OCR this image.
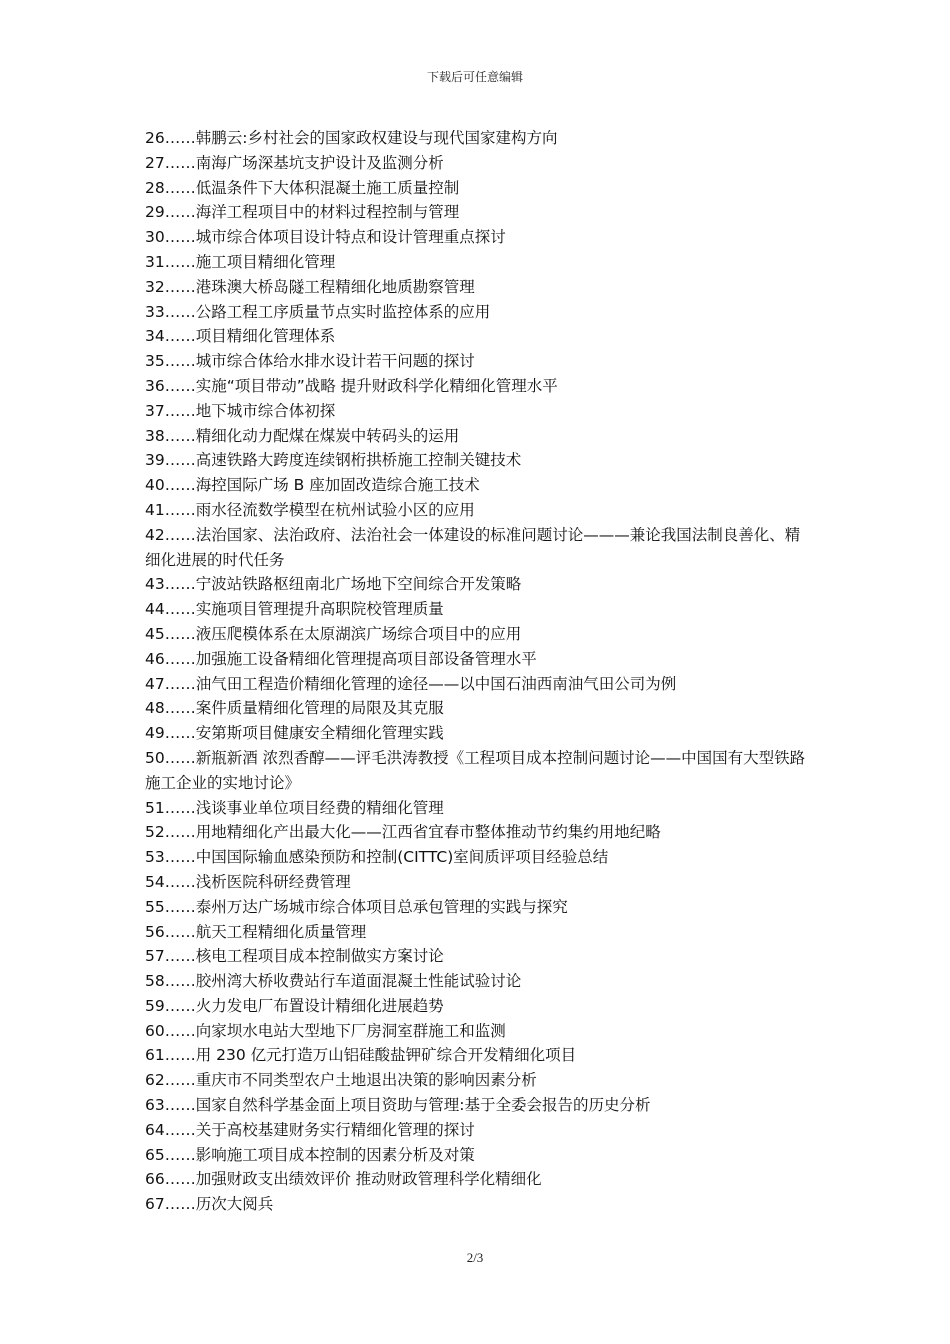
下载后可任意编辑
26……韩鹏云:乡村社会的国家政权建设与现代国家建构方向
27……南海广场深基坑支护设计及监测分析
28……低温条件下大体积混凝土施工质量控制
29……海洋工程项目中的材料过程控制与管理
30……城市综合体项目设计特点和设计管理重点探讨
31……施工项目精细化管理
32……港珠澳大桥岛隧工程精细化地质勘察管理
33……公路工程工序质量节点实时监控体系的应用
34……项目精细化管理体系
35……城市综合体给水排水设计若干问题的探讨
36……实施“项目带动”战略 提升财政科学化精细化管理水平
37……地下城市综合体初探
38……精细化动力配煤在煤炭中转码头的运用
39……高速铁路大跨度连续钢桁拱桥施工控制关键技术
40……海控国际广场 B 座加固改造综合施工技术
41……雨水径流数学模型在杭州试验小区的应用
42……法治国家、法治政府、法治社会一体建设的标准问题讨论———兼论我国法制良善化、精细化进展的时代任务
43……宁波站铁路枢纽南北广场地下空间综合开发策略
44……实施项目管理提升高职院校管理质量
45……液压爬模体系在太原湖滨广场综合项目中的应用
46……加强施工设备精细化管理提高项目部设备管理水平
47……油气田工程造价精细化管理的途径——以中国石油西南油气田公司为例
48……案件质量精细化管理的局限及其克服
49……安第斯项目健康安全精细化管理实践
50……新瓶新酒 浓烈香醇——评毛洪涛教授《工程项目成本控制问题讨论——中国国有大型铁路施工企业的实地讨论》
51……浅谈事业单位项目经费的精细化管理
52……用地精细化产出最大化——江西省宜春市整体推动节约集约用地纪略
53……中国国际输血感染预防和控制(CITTC)室间质评项目经验总结
54……浅析医院科研经费管理
55……泰州万达广场城市综合体项目总承包管理的实践与探究
56……航天工程精细化质量管理
57……核电工程项目成本控制做实方案讨论
58……胶州湾大桥收费站行车道面混凝土性能试验讨论
59……火力发电厂布置设计精细化进展趋势
60……向家坝水电站大型地下厂房洞室群施工和监测
61……用 230 亿元打造万山铝硅酸盐钾矿综合开发精细化项目
62……重庆市不同类型农户土地退出决策的影响因素分析
63……国家自然科学基金面上项目资助与管理:基于全委会报告的历史分析
64……关于高校基建财务实行精细化管理的探讨
65……影响施工项目成本控制的因素分析及对策
66……加强财政支出绩效评价 推动财政管理科学化精细化
67……历次大阅兵
2/3
